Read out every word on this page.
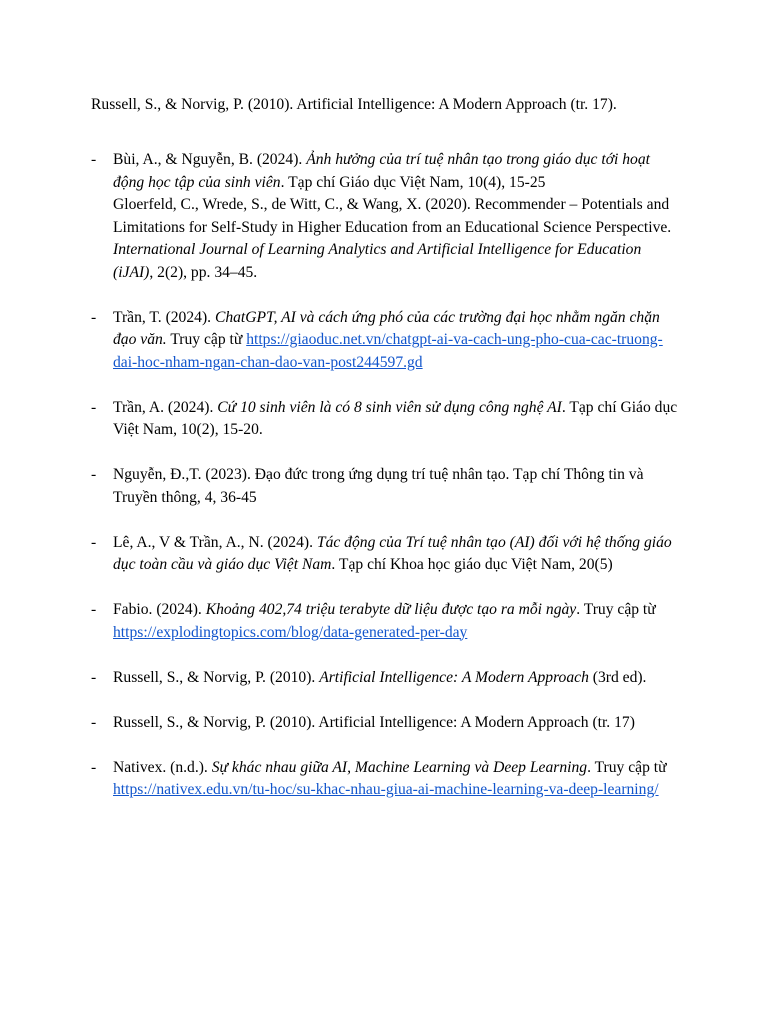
Russell, S., & Norvig, P. (2010). Artificial Intelligence: A Modern Approach (tr. 17).

- Bùi, A., & Nguyễn, B. (2024). Ảnh hưởng của trí tuệ nhân tạo trong giáo dục tới hoạt động học tập của sinh viên. Tạp chí Giáo dục Việt Nam, 10(4), 15-25
Gloerfeld, C., Wrede, S., de Witt, C., & Wang, X. (2020). Recommender – Potentials and Limitations for Self-Study in Higher Education from an Educational Science Perspective. International Journal of Learning Analytics and Artificial Intelligence for Education (iJAI), 2(2), pp. 34–45.
- Trần, T. (2024). ChatGPT, AI và cách ứng phó của các trường đại học nhằm ngăn chặn đạo văn. Truy cập từ https://giaoduc.net.vn/chatgpt-ai-va-cach-ung-pho-cua-cac-truong-dai-hoc-nham-ngan-chan-dao-van-post244597.gd
- Trần, A. (2024). Cứ 10 sinh viên là có 8 sinh viên sử dụng công nghệ AI. Tạp chí Giáo dục Việt Nam, 10(2), 15-20.
- Nguyễn, Đ.,T. (2023). Đạo đức trong ứng dụng trí tuệ nhân tạo. Tạp chí Thông tin và Truyền thông, 4, 36-45
- Lê, A., V & Trần, A., N. (2024). Tác động của Trí tuệ nhân tạo (AI) đối với hệ thống giáo dục toàn cầu và giáo dục Việt Nam. Tạp chí Khoa học giáo dục Việt Nam, 20(5)
- Fabio. (2024). Khoảng 402,74 triệu terabyte dữ liệu được tạo ra mỗi ngày. Truy cập từ https://explodingtopics.com/blog/data-generated-per-day
- Russell, S., & Norvig, P. (2010). Artificial Intelligence: A Modern Approach (3rd ed).
- Russell, S., & Norvig, P. (2010). Artificial Intelligence: A Modern Approach (tr. 17)
- Nativex. (n.d.). Sự khác nhau giữa AI, Machine Learning và Deep Learning. Truy cập từ https://nativex.edu.vn/tu-hoc/su-khac-nhau-giua-ai-machine-learning-va-deep-learning/
